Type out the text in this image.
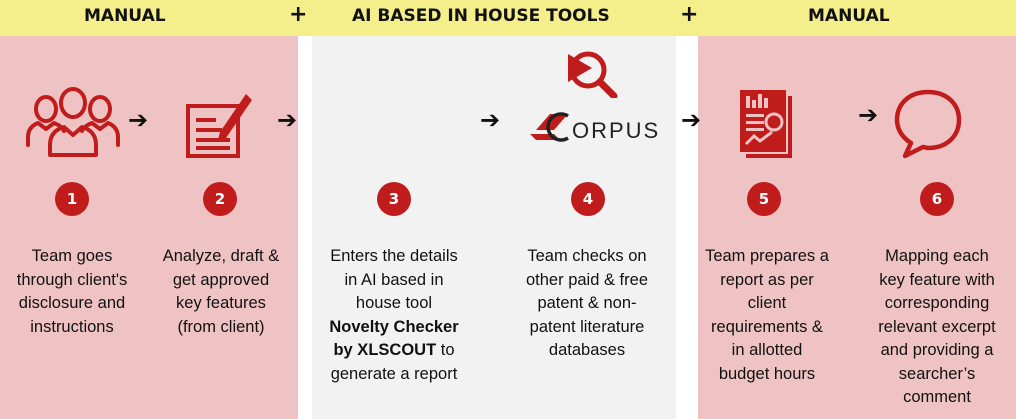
MANUAL	+	AI BASED IN HOUSE TOOLS	+	MANUAL
➔	➔	➔	ORPUS ➔	➔
1	2	3	4	5	6
Team goes
through client's
disclosure and
instructions
Analyze, draft &
get approved
key features
(from client)
Enters the details
in AI based in
house tool
Novelty Checker
by XLSCOUT to
generate a report
Team checks on
other paid & free
patent & non-
patent literature
databases
Team prepares a
report as per
client
requirements &
in allotted
budget hours
Mapping each
key feature with
corresponding
relevant excerpt
and providing a
searcher’s
comment
